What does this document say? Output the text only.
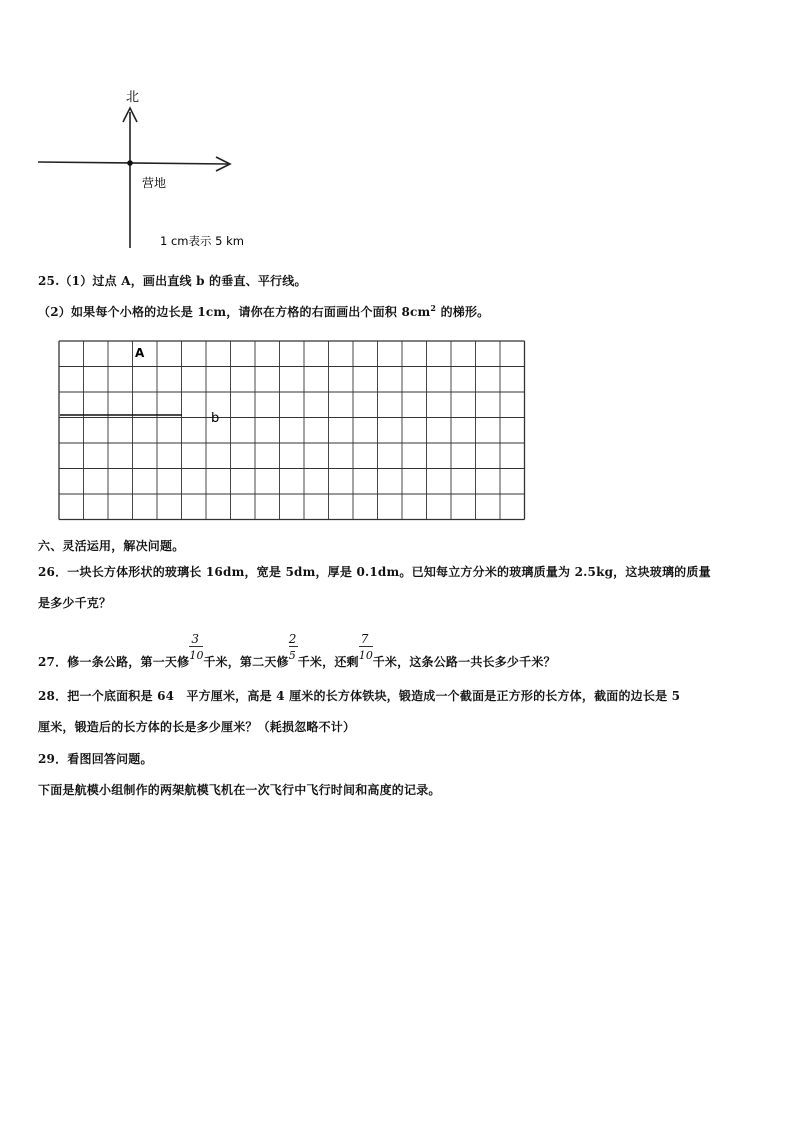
北
营地
1 cm表示 5 km
25.（1）过点 A，画出直线 b 的垂直、平行线。
（2）如果每个小格的边长是 1cm，请你在方格的右面画出个面积 $8cm^2$ 的梯形。
b
A
六、灵活运用，解决问题。
26．一块长方体形状的玻璃长 16dm，宽是 5dm，厚是 0.1dm。已知每立方分米的玻璃质量为 2.5kg，这块玻璃的质量
是多少千克？
27．修一条公路，第一天修 $\frac{3}{10}$ 千米，第二天修 $\frac{2}{5}$ 千米，还剩 $\frac{7}{10}$ 千米，这条公路一共长多少千米？
28．把一个底面积是 64　平方厘米，高是 4 厘米的长方体铁块，锻造成一个截面是正方形的长方体，截面的边长是 5
厘米，锻造后的长方体的长是多少厘米？（耗损忽略不计）
29．看图回答问题。
下面是航模小组制作的两架航模飞机在一次飞行中飞行时间和高度的记录。
